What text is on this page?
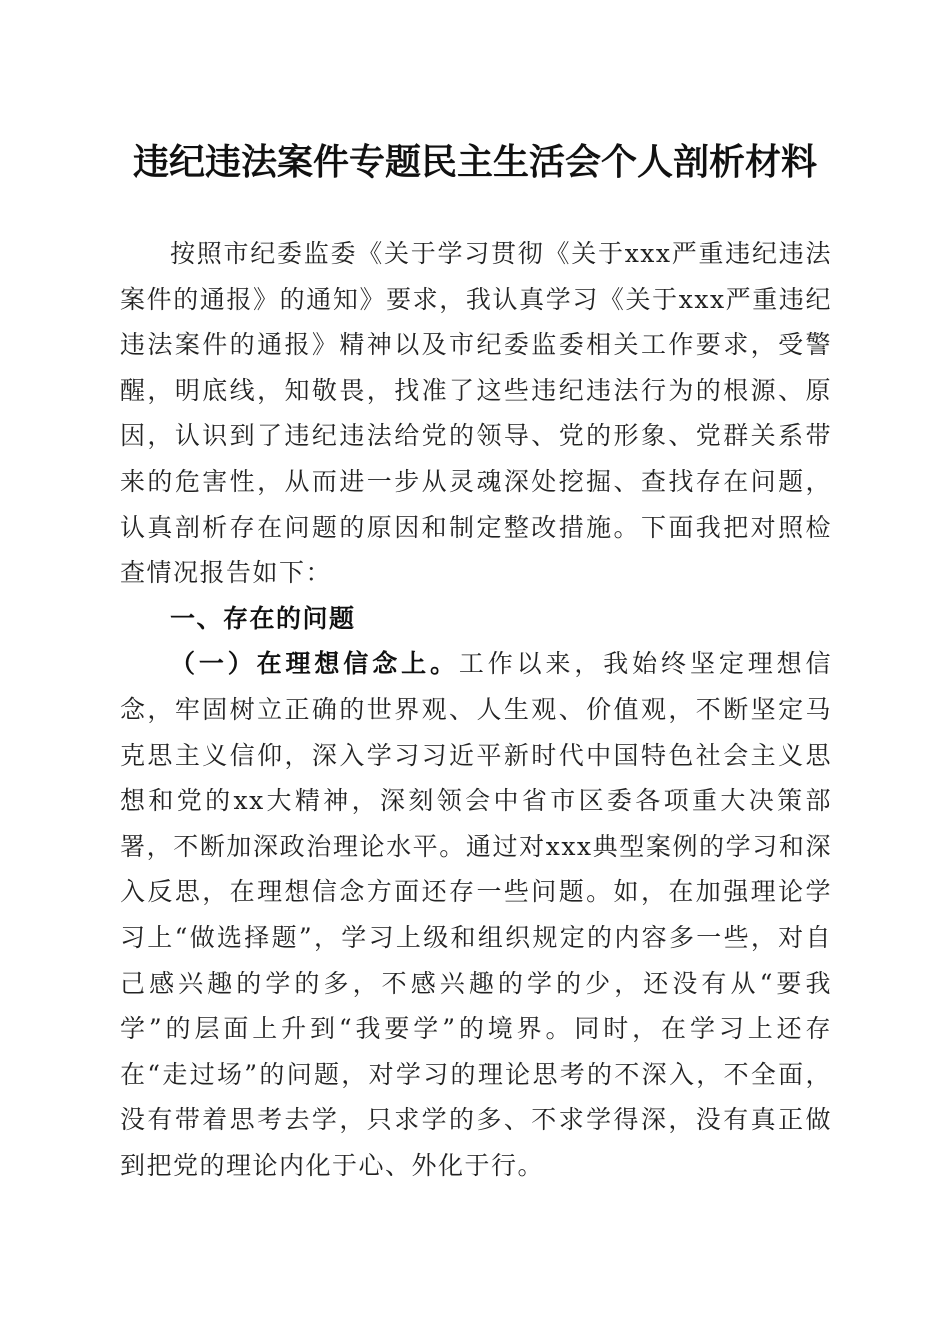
违纪违法案件专题民主生活会个人剖析材料

按照市纪委监委《关于学习贯彻《关于xxx严重违纪违法案件的通报》的通知》要求，我认真学习《关于xxx严重违纪违法案件的通报》精神以及市纪委监委相关工作要求，受警醒，明底线，知敬畏，找准了这些违纪违法行为的根源、原因，认识到了违纪违法给党的领导、党的形象、党群关系带来的危害性，从而进一步从灵魂深处挖掘、查找存在问题，认真剖析存在问题的原因和制定整改措施。下面我把对照检查情况报告如下：

一、存在的问题

（一）在理想信念上。工作以来，我始终坚定理想信念，牢固树立正确的世界观、人生观、价值观，不断坚定马克思主义信仰，深入学习习近平新时代中国特色社会主义思想和党的xx大精神，深刻领会中省市区委各项重大决策部署，不断加深政治理论水平。通过对xxx典型案例的学习和深入反思，在理想信念方面还存一些问题。如，在加强理论学习上“做选择题”，学习上级和组织规定的内容多一些，对自己感兴趣的学的多，不感兴趣的学的少，还没有从“要我学”的层面上升到“我要学”的境界。同时，在学习上还存在“走过场”的问题，对学习的理论思考的不深入，不全面，没有带着思考去学，只求学的多、不求学得深，没有真正做到把党的理论内化于心、外化于行。
